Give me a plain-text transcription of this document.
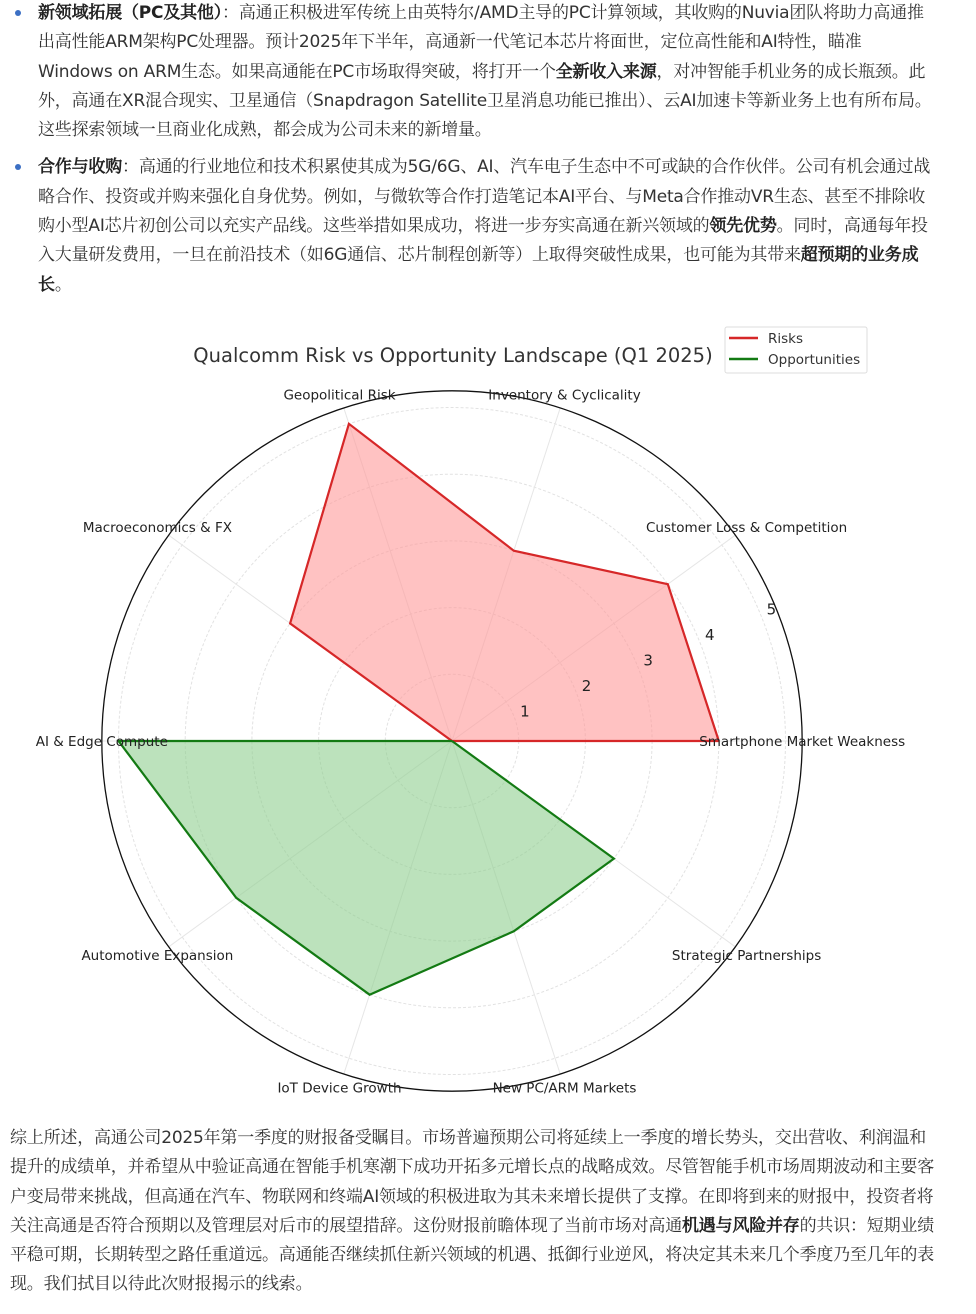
新领域拓展（PC及其他）：高通正积极进军传统上由英特尔/AMD主导的PC计算领域，其收购的Nuvia团队将助力高通推出高性能ARM架构PC处理器。预计2025年下半年，高通新一代笔记本芯片将面世，定位高性能和AI特性，瞄准Windows on ARM生态。如果高通能在PC市场取得突破，将打开一个全新收入来源，对冲智能手机业务的成长瓶颈。此外，高通在XR混合现实、卫星通信（Snapdragon Satellite卫星消息功能已推出）、云AI加速卡等新业务上也有所布局。这些探索领域一旦商业化成熟，都会成为公司未来的新增量。
合作与收购：高通的行业地位和技术积累使其成为5G/6G、AI、汽车电子生态中不可或缺的合作伙伴。公司有机会通过战略合作、投资或并购来强化自身优势。例如，与微软等合作打造笔记本AI平台、与Meta合作推动VR生态、甚至不排除收购小型AI芯片初创公司以充实产品线。这些举措如果成功，将进一步夯实高通在新兴领域的领先优势。同时，高通每年投入大量研发费用，一旦在前沿技术（如6G通信、芯片制程创新等）上取得突破性成果，也可能为其带来超预期的业务成长。
1
2
3
4
5
Smartphone Market Weakness
Customer Loss & Competition
Inventory & Cyclicality
Geopolitical Risk
Macroeconomics & FX
AI & Edge Compute
Automotive Expansion
IoT Device Growth	New PC/ARM Markets
Strategic Partnerships
Qualcomm Risk vs Opportunity Landscape (Q1 2025)
Risks
Opportunities

综上所述，高通公司2025年第一季度的财报备受瞩目。市场普遍预期公司将延续上一季度的增长势头，交出营收、利润温和提升的成绩单，并希望从中验证高通在智能手机寒潮下成功开拓多元增长点的战略成效。尽管智能手机市场周期波动和主要客户变局带来挑战，但高通在汽车、物联网和终端AI领域的积极进取为其未来增长提供了支撑。在即将到来的财报中，投资者将关注高通是否符合预期以及管理层对后市的展望措辞。这份财报前瞻体现了当前市场对高通机遇与风险并存的共识：短期业绩平稳可期，长期转型之路任重道远。高通能否继续抓住新兴领域的机遇、抵御行业逆风，将决定其未来几个季度乃至几年的表现。我们拭目以待此次财报揭示的线索。
